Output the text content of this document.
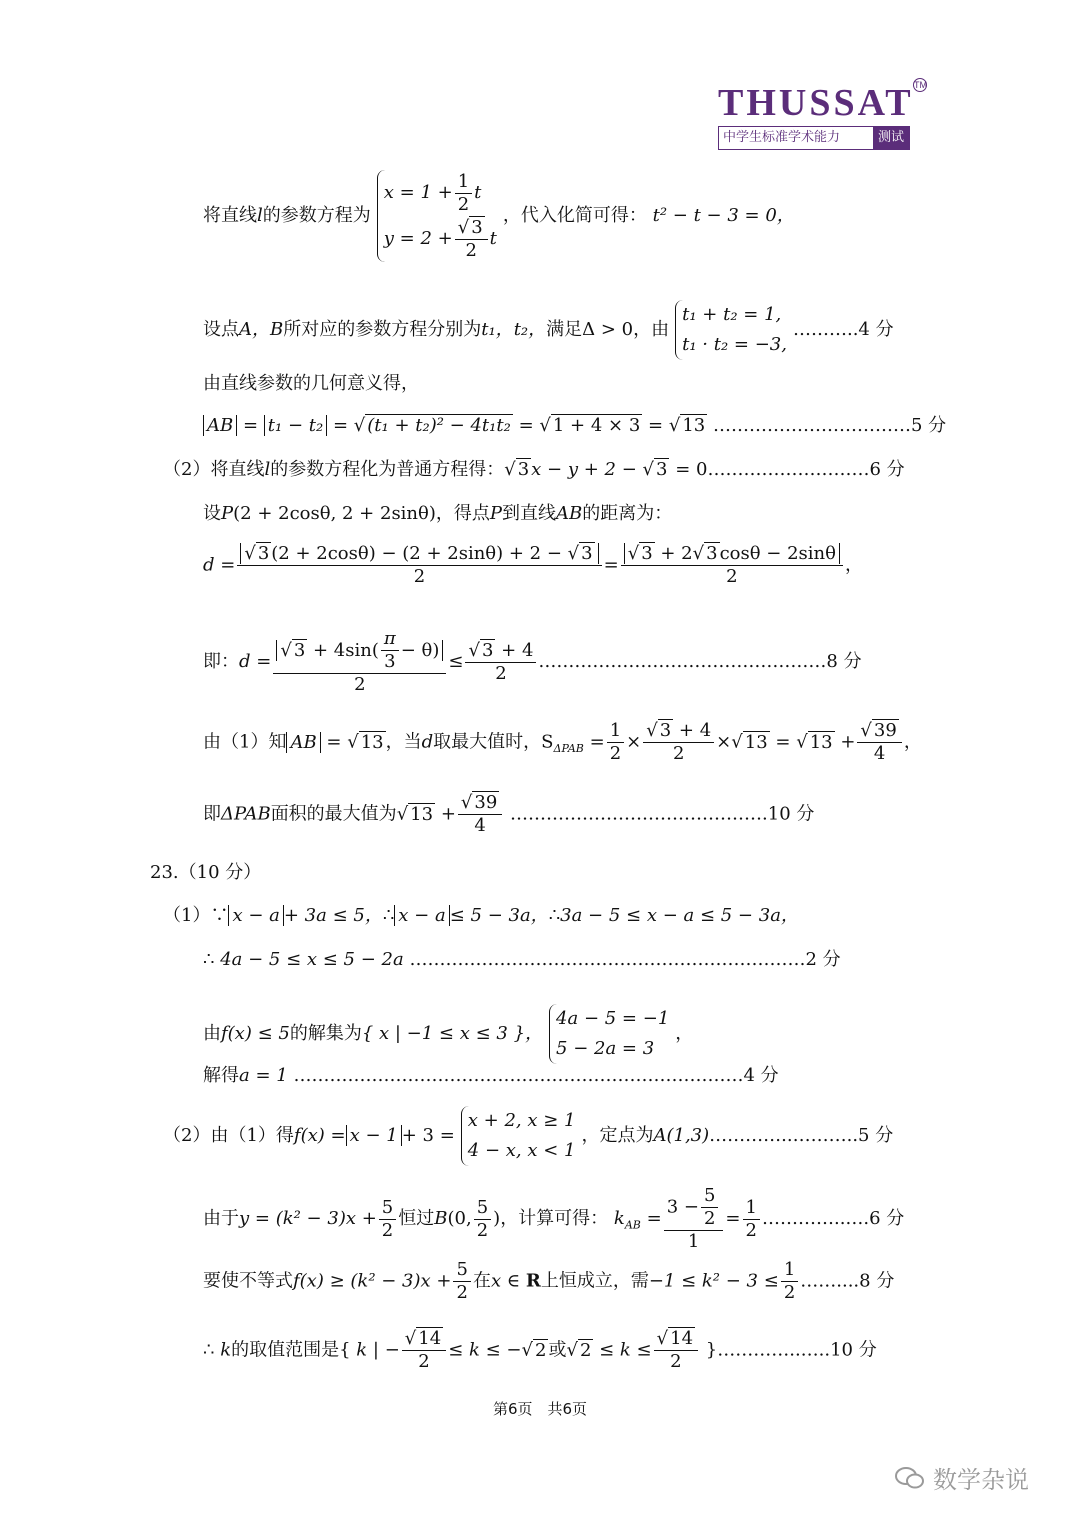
THUSSAT TM
中学生标准学术能力	测试
将直线l的参数方程为
$x = 1 + \frac{1}{2}$ t
$y = 2 + \frac{√ 3}{2}$ t
，代入化简可得： t² − t − 3 = 0，
设点A，B所对应的参数方程分别为t₁，t₂，满足Δ > 0，由
t₁ + t₂ = 1,
t₁ · t₂ = −3,
………..4 分
由直线参数的几何意义得，
AB = t₁ − t₂ = √ (t₁ + t₂)² − 4t₁t₂ = √ 1 + 4 × 3 = √ 13 ……………………………5 分
（2）将直线l的参数方程化为普通方程得：√ 3 x − y + 2 − √ 3 = 0………………………6 分
设P(2 + 2cosθ, 2 + 2sinθ)，得点P到直线AB的距离为：
$d = \frac{√ 3 (2 + 2\cos\theta) - (2 + 2\sin\theta) + 2 - √ 3}{2} = \frac{√ 3 + 2√ 3 \cos\theta - 2\sin\theta}{2}$ ，
即：$d = \frac{√ 3 + 4\sin( \frac{\pi}{3} - \theta)}{2} \le \frac{√ 3 + 4}{2}$ …………………………………………8 分
由（1）知 AB = √ 13 ，当d取最大值时，$S_{\Delta PAB} = \frac{1}{2} \times \frac{√ 3 + 4}{2}$ ×√ 13 = √ $13 + \frac{√ 39}{4}$ ，
即ΔPAB面积的最大值为√ $13 + \frac{√ 39}{4}$ …………………………………….10 分
23.（10 分）
（1）∵ x − a + 3a ≤ 5，∴ x − a ≤ 5 − 3a，∴3a − 5 ≤ x − a ≤ 5 − 3a，
∴ 4a − 5 ≤ x ≤ 5 − 2a …………………………………………………………2 分
由f(x) ≤ 5的解集为{ x | −1 ≤ x ≤ 3 }，
4a − 5 = −1
5 − 2a = 3
，
解得a = 1 …………………………………………………………………4 分
（2）由（1）得f(x) = x − 1 + 3 =
x + 2, x ≥ 1
4 − x, x < 1
，定点为A(1,3)…………..………..5 分
由于$y = (k^2 - 3)x + \frac{5}{2}$ 恒过B(0, $\frac{5}{2}$ )，计算可得： $k_{AB} = \frac{3 - \frac{5}{2}}{1} = \frac{1}{2}$ …………..….6 分
要使不等式$f(x) \ge (k^2 - 3)x + \frac{5}{2}$ 在x ∈ R上恒成立，需$-1 \le k^2 - 3 \le \frac{1}{2}$ ……....8 分
∴ k的取值范围是{ k | − $\frac{√ 14}{2} \le k$ ≤ −√ 2 或√ $2 \le k \le \frac{√ 14}{2}$ }…………..…..10 分
第6页　共6页
数学杂说
